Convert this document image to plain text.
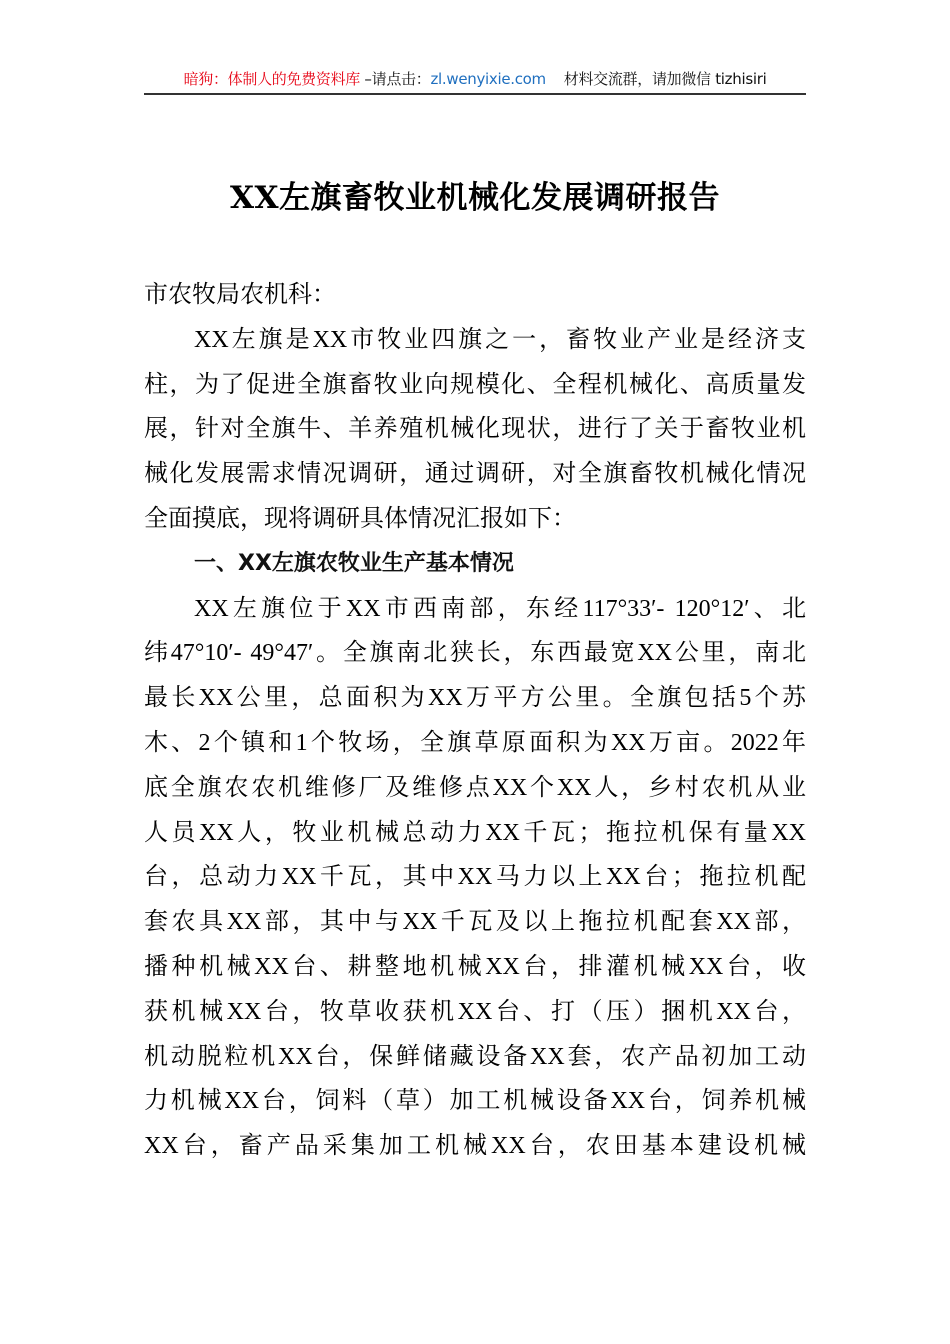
暗狗：体制人的免费资料库 –请点击：zl.wenyixie.com    材料交流群，请加微信 tizhisiri
XX左旗畜牧业机械化发展调研报告
市农牧局农机科：
XX左旗是XX市牧业四旗之一，畜牧业产业是经济支
柱，为了促进全旗畜牧业向规模化、全程机械化、高质量发
展，针对全旗牛、羊养殖机械化现状，进行了关于畜牧业机
械化发展需求情况调研，通过调研，对全旗畜牧机械化情况
全面摸底，现将调研具体情况汇报如下：
一、XX左旗农牧业生产基本情况
XX左旗位于XX市西南部，东经117°33′- 120°12′、北
纬47°10′- 49°47′。全旗南北狭长，东西最宽XX公里，南北
最长XX公里，总面积为XX万平方公里。全旗包括5个苏
木、2个镇和1个牧场，全旗草原面积为XX万亩。2022年
底全旗农农机维修厂及维修点XX个XX人，乡村农机从业
人员XX人，牧业机械总动力XX千瓦；拖拉机保有量XX
台，总动力XX千瓦，其中XX马力以上XX台；拖拉机配
套农具XX部，其中与XX千瓦及以上拖拉机配套XX部，
播种机械XX台、耕整地机械XX台，排灌机械XX台，收
获机械XX台，牧草收获机XX台、打（压）捆机XX台，
机动脱粒机XX台，保鲜储藏设备XX套，农产品初加工动
力机械XX台，饲料（草）加工机械设备XX台，饲养机械
XX台，畜产品采集加工机械XX台，农田基本建设机械
